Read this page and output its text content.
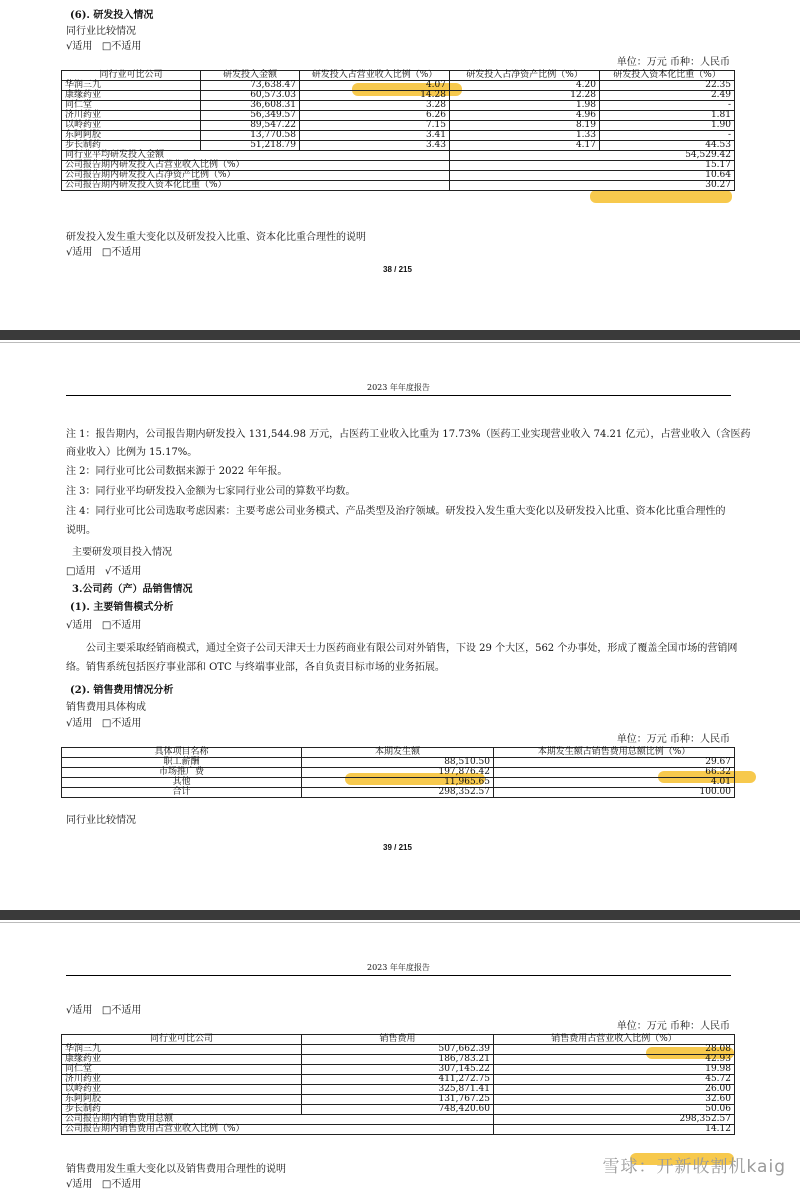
(6). 研发投入情况
同行业比较情况
√适用 □不适用
单位：万元 币种：人民币
同行业可比公司	研发投入金额	研发投入占营业收入比例（%）	研发投入占净资产比例（%）	研发投入资本化比重（%）
华润三九	73,638.47	4.07	4.20	22.35
康缘药业	60,573.03	14.28	12.28	2.49
同仁堂	36,608.31	3.28	1.98	-
济川药业	56,349.57	6.26	4.96	1.81
以岭药业	89,547.22	7.15	8.19	1.90
东阿阿胶	13,770.58	3.41	1.33	-
步长制药	51,218.79	3.43	4.17	44.53
同行业平均研发投入金额			54,529.42	
公司报告期内研发投入占营业收入比例（%）			15.17	
公司报告期内研发投入占净资产比例（%）			10.64	
公司报告期内研发投入资本化比重（%）			30.27	
研发投入发生重大变化以及研发投入比重、资本化比重合理性的说明
√适用 □不适用
38 / 215
2023 年年度报告
注 1：报告期内，公司报告期内研发投入 131,544.98 万元，占医药工业收入比重为 17.73%（医药工业实现营业收入 74.21 亿元），占营业收入（含医药
商业收入）比例为 15.17%。
注 2：同行业可比公司数据来源于 2022 年年报。
注 3：同行业平均研发投入金额为七家同行业公司的算数平均数。
注 4：同行业可比公司选取考虑因素：主要考虑公司业务模式、产品类型及治疗领域。研发投入发生重大变化以及研发投入比重、资本化比重合理性的
说明。
主要研发项目投入情况
□适用 √不适用
3.公司药（产）品销售情况
(1). 主要销售模式分析
√适用 □不适用
公司主要采取经销商模式，通过全资子公司天津天士力医药商业有限公司对外销售，下设 29 个大区，562 个办事处，形成了覆盖全国市场的营销网
络。销售系统包括医疗事业部和 OTC 与终端事业部，各自负责目标市场的业务拓展。
(2). 销售费用情况分析
销售费用具体构成
√适用 □不适用
单位：万元 币种：人民币
具体项目名称	本期发生额	本期发生额占销售费用总额比例（%）
职工薪酬	88,510.50	29.67
市场推广费	197,876.42	66.32
其他	11,965.65	4.01
合计	298,352.57	100.00
同行业比较情况
39 / 215
2023 年年度报告
√适用 □不适用
单位：万元 币种：人民币
同行业可比公司	销售费用	销售费用占营业收入比例（%）
华润三九	507,662.39	28.08
康缘药业	186,783.21	42.93
同仁堂	307,145.22	19.98
济川药业	411,272.75	45.72
以岭药业	325,871.41	26.00
东阿阿胶	131,767.25	32.60
步长制药	748,420.60	50.06
公司报告期内销售费用总额		298,352.57
公司报告期内销售费用占营业收入比例（%）		14.12
销售费用发生重大变化以及销售费用合理性的说明
√适用 □不适用
雪球：开新收割机kaig
